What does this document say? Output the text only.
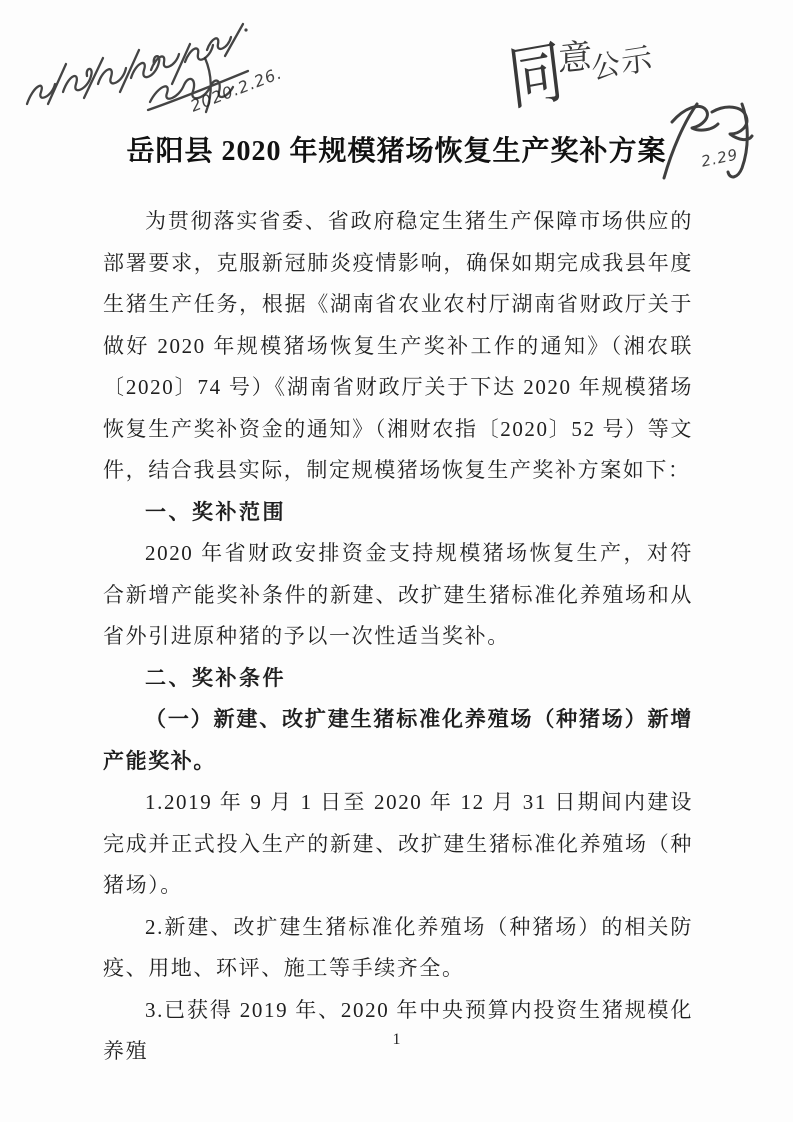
同
意
公
示
2020.2.26.
2.29
岳阳县 2020 年规模猪场恢复生产奖补方案

为贯彻落实省委、省政府稳定生猪生产保障市场供应的部署要求，克服新冠肺炎疫情影响，确保如期完成我县年度生猪生产任务，根据《湖南省农业农村厅湖南省财政厅关于做好 2020 年规模猪场恢复生产奖补工作的通知》（湘农联〔2020〕74 号）《湖南省财政厅关于下达 2020 年规模猪场恢复生产奖补资金的通知》（湘财农指〔2020〕52 号）等文件，结合我县实际，制定规模猪场恢复生产奖补方案如下：

一、奖补范围

2020 年省财政安排资金支持规模猪场恢复生产，对符合新增产能奖补条件的新建、改扩建生猪标准化养殖场和从省外引进原种猪的予以一次性适当奖补。

二、奖补条件

（一）新建、改扩建生猪标准化养殖场（种猪场）新增产能奖补。

1.2019 年 9 月 1 日至 2020 年 12 月 31 日期间内建设完成并正式投入生产的新建、改扩建生猪标准化养殖场（种猪场）。

2.新建、改扩建生猪标准化养殖场（种猪场）的相关防疫、用地、环评、施工等手续齐全。

3.已获得 2019 年、2020 年中央预算内投资生猪规模化养殖	1
